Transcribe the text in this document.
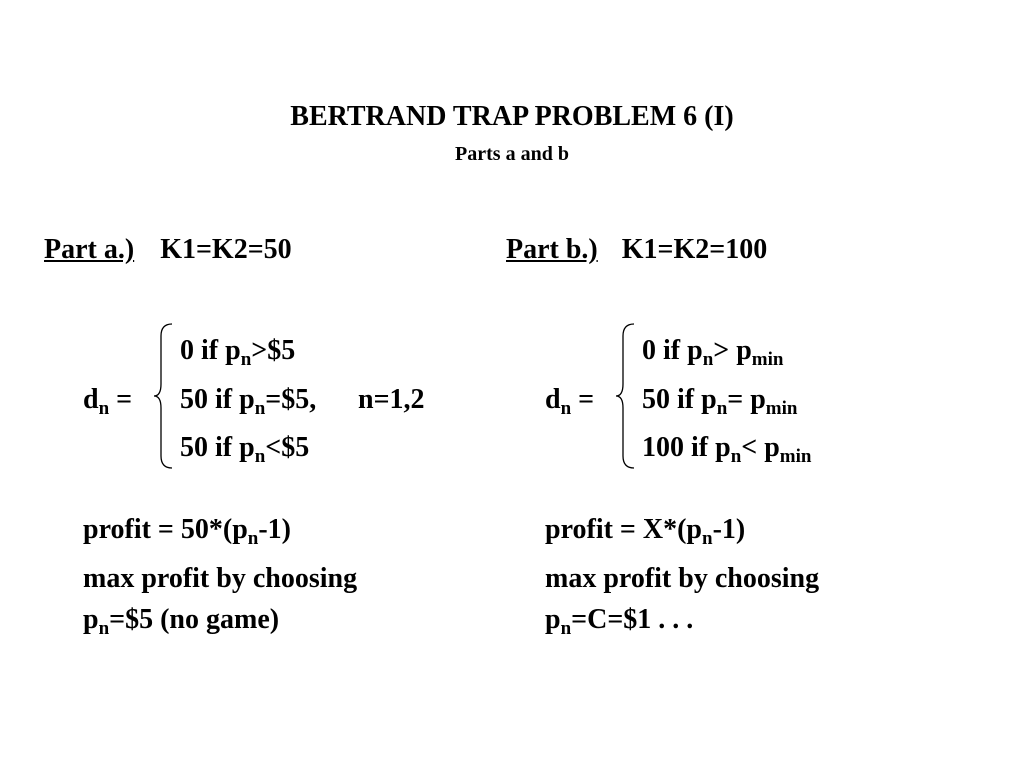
BERTRAND TRAP PROBLEM 6 (I)
Parts a and b
Part a.) K1=K2=50
$d_n$ =
0 if $p_n>\$5$
50 if $p_n=\$5$, n=1,2
50 if $p_n<\$5$
profit = $50*(p_n-1)$
max profit by choosing
$p_n=\$5$ (no game)
Part b.) K1=K2=100
$d_n$ =
0 if $p_n> p_{min}$
50 if $p_n= p_{min}$
100 if $p_n< p_{min}$
profit = $X*(p_n-1)$
max profit by choosing
$p_n=C=\$1$ . . .
